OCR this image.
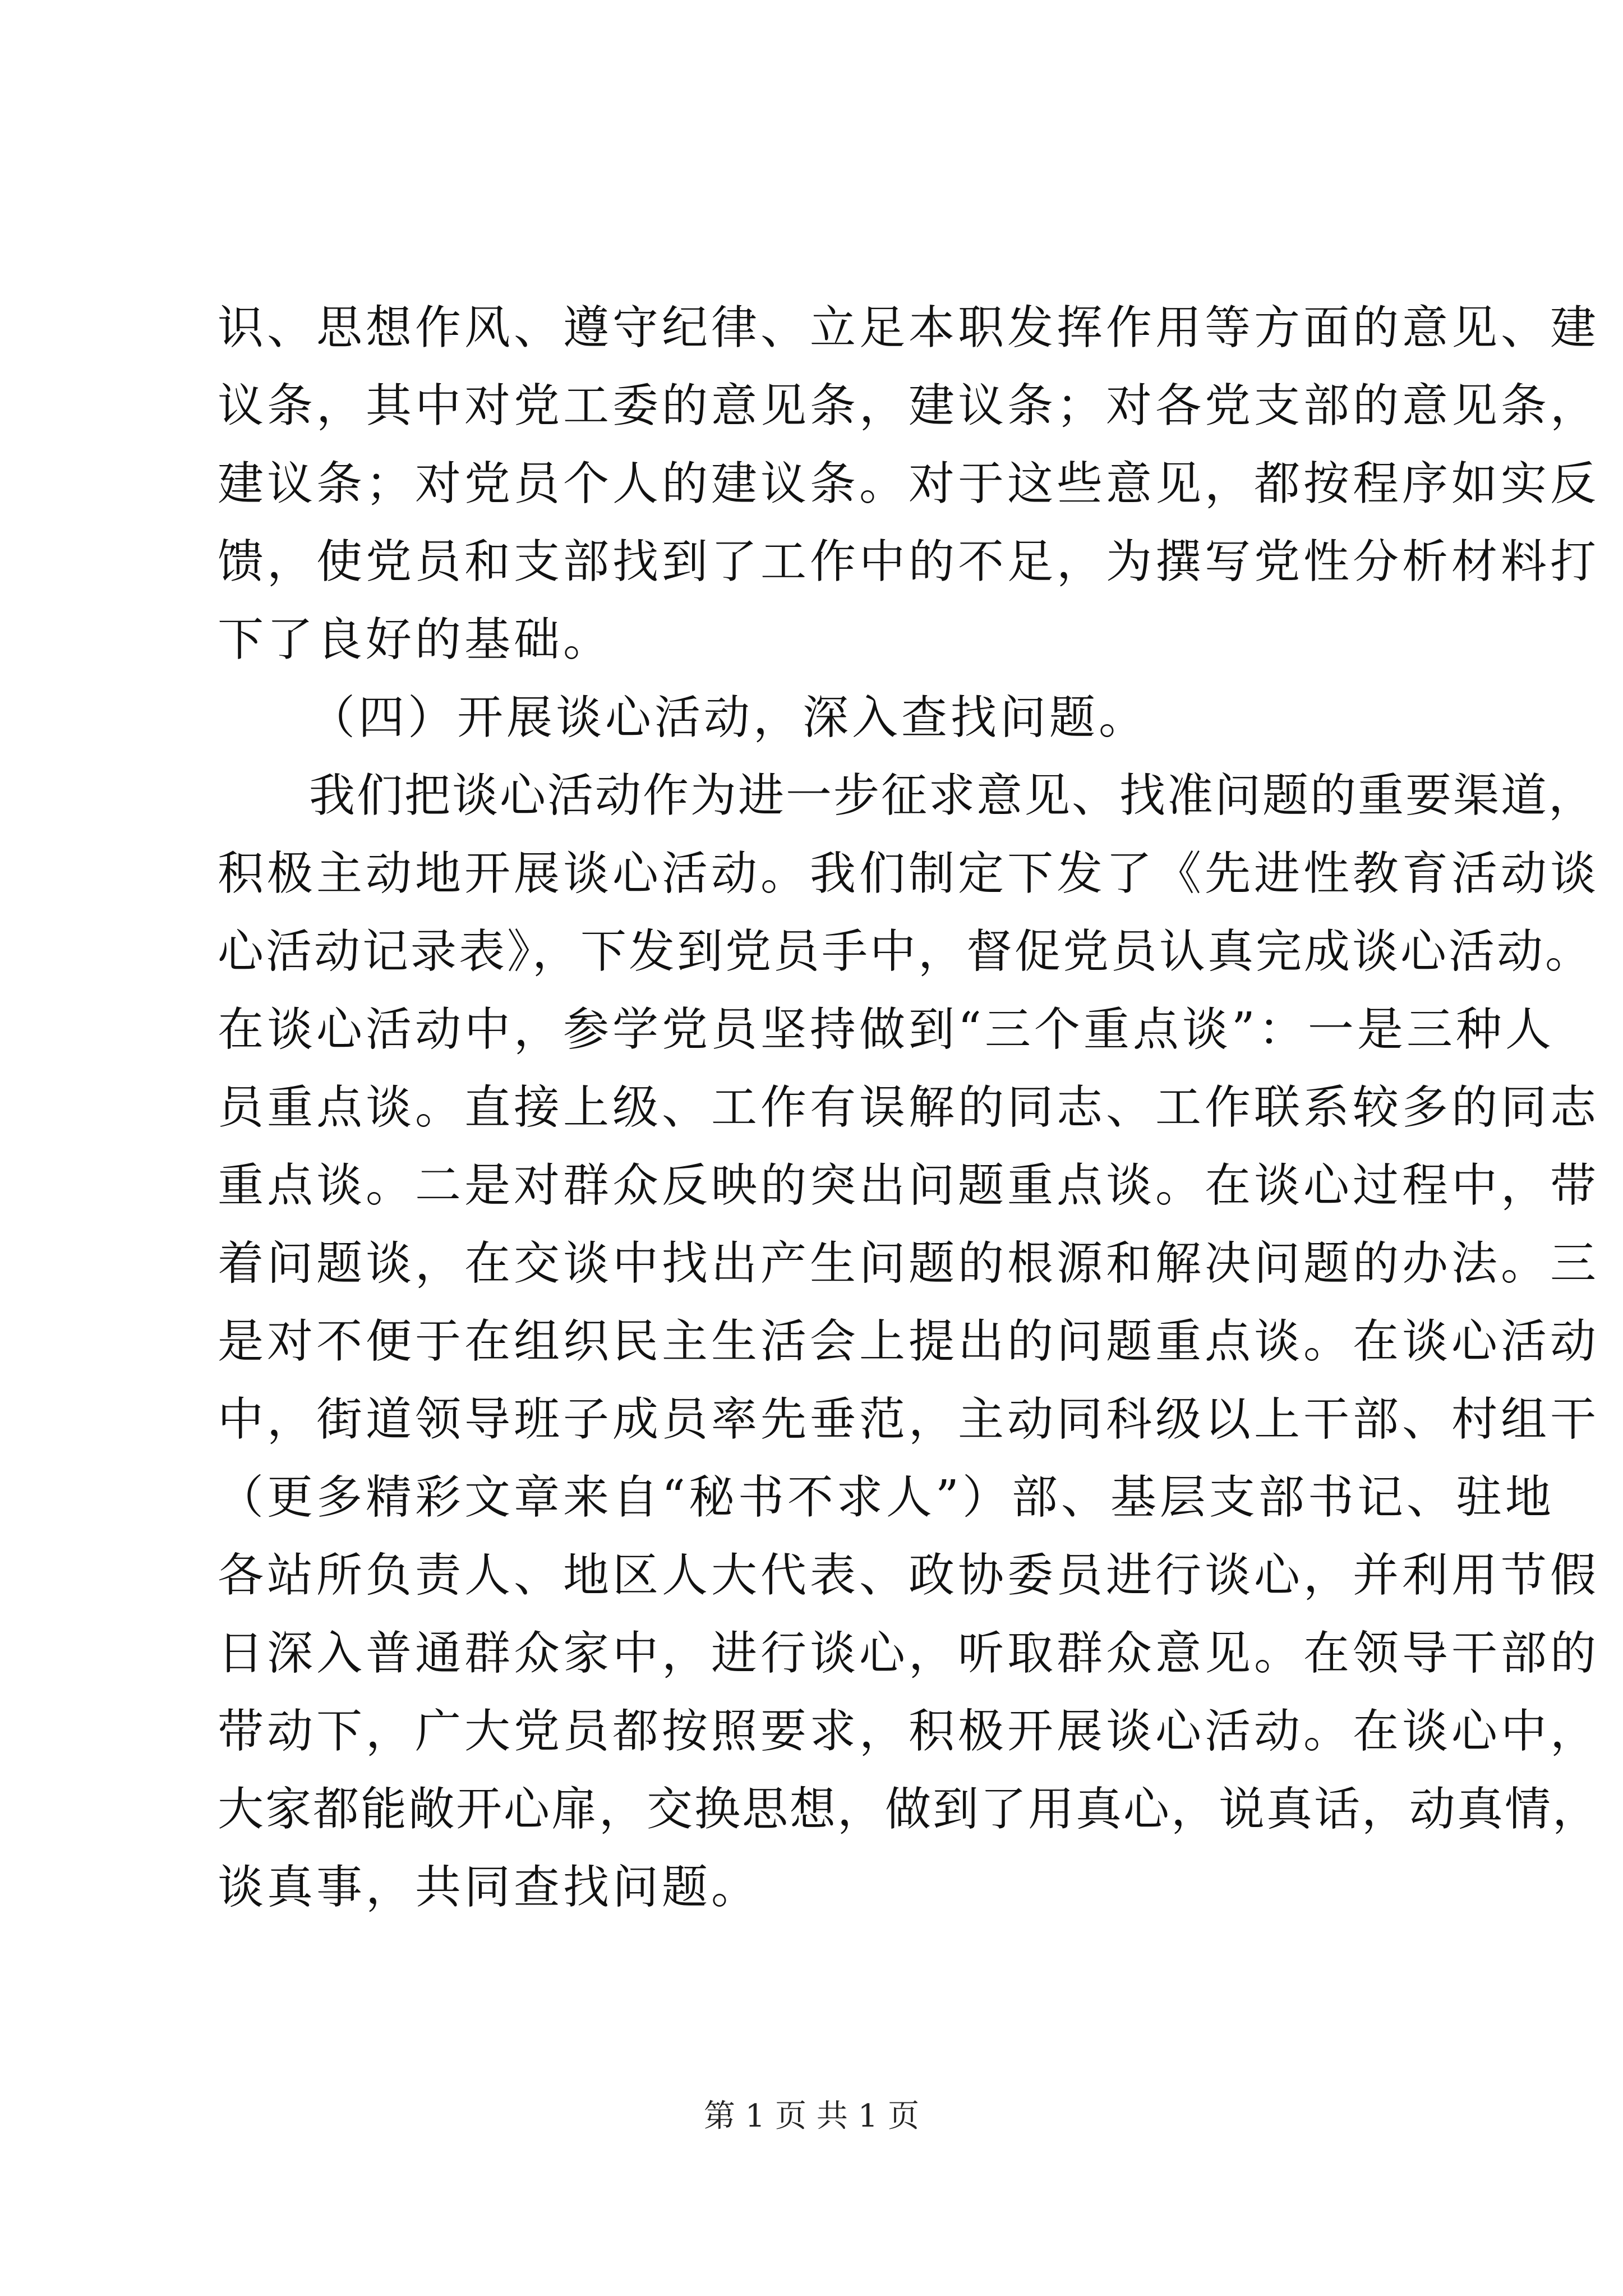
识、思想作风、遵守纪律、立足本职发挥作用等方面的意见、建
议条，其中对党工委的意见条，建议条；对各党支部的意见条，
建议条；对党员个人的建议条。对于这些意见，都按程序如实反
馈，使党员和支部找到了工作中的不足，为撰写党性分析材料打
下了良好的基础。
（四）开展谈心活动，深入查找问题。
我们把谈心活动作为进一步征求意见、找准问题的重要渠道，
积极主动地开展谈心活动。我们制定下发了《先进性教育活动谈
心活动记录表》，下发到党员手中，督促党员认真完成谈心活动。
在谈心活动中，参学党员坚持做到“三个重点谈”：一是三种人
员重点谈。直接上级、工作有误解的同志、工作联系较多的同志
重点谈。二是对群众反映的突出问题重点谈。在谈心过程中，带
着问题谈，在交谈中找出产生问题的根源和解决问题的办法。三
是对不便于在组织民主生活会上提出的问题重点谈。在谈心活动
中，街道领导班子成员率先垂范，主动同科级以上干部、村组干
（更多精彩文章来自“秘书不求人”）部、基层支部书记、驻地
各站所负责人、地区人大代表、政协委员进行谈心，并利用节假
日深入普通群众家中，进行谈心，听取群众意见。在领导干部的
带动下，广大党员都按照要求，积极开展谈心活动。在谈心中，
大家都能敞开心扉，交换思想，做到了用真心，说真话，动真情，
谈真事，共同查找问题。
第 1 页 共 1 页
